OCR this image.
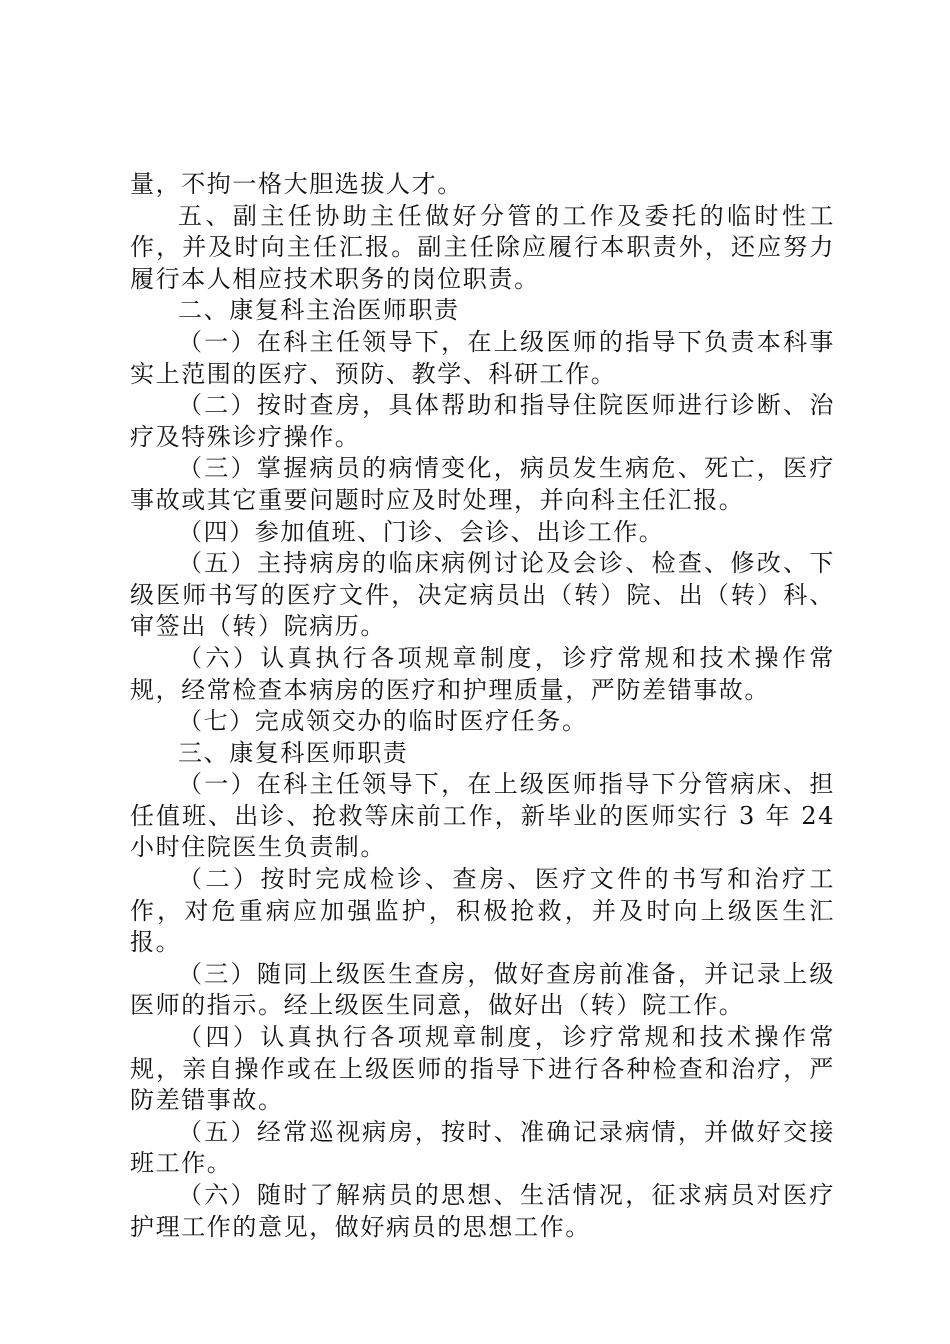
量，不拘一格大胆选拔人才。

五、副主任协助主任做好分管的工作及委托的临时性工作，并及时向主任汇报。副主任除应履行本职责外，还应努力履行本人相应技术职务的岗位职责。

二、康复科主治医师职责

（一）在科主任领导下，在上级医师的指导下负责本科事实上范围的医疗、预防、教学、科研工作。

（二）按时查房，具体帮助和指导住院医师进行诊断、治疗及特殊诊疗操作。

（三）掌握病员的病情变化，病员发生病危、死亡，医疗事故或其它重要问题时应及时处理，并向科主任汇报。

（四）参加值班、门诊、会诊、出诊工作。

（五）主持病房的临床病例讨论及会诊、检查、修改、下级医师书写的医疗文件，决定病员出（转）院、出（转）科、审签出（转）院病历。

（六）认真执行各项规章制度，诊疗常规和技术操作常规，经常检查本病房的医疗和护理质量，严防差错事故。

（七）完成领交办的临时医疗任务。

三、康复科医师职责

（一）在科主任领导下，在上级医师指导下分管病床、担任值班、出诊、抢救等床前工作，新毕业的医师实行 3 年 24 小时住院医生负责制。

（二）按时完成检诊、查房、医疗文件的书写和治疗工作，对危重病应加强监护，积极抢救，并及时向上级医生汇报。

（三）随同上级医生查房，做好查房前准备，并记录上级医师的指示。经上级医生同意，做好出（转）院工作。

（四）认真执行各项规章制度，诊疗常规和技术操作常规，亲自操作或在上级医师的指导下进行各种检查和治疗，严防差错事故。

（五）经常巡视病房，按时、准确记录病情，并做好交接班工作。

（六）随时了解病员的思想、生活情况，征求病员对医疗护理工作的意见，做好病员的思想工作。
